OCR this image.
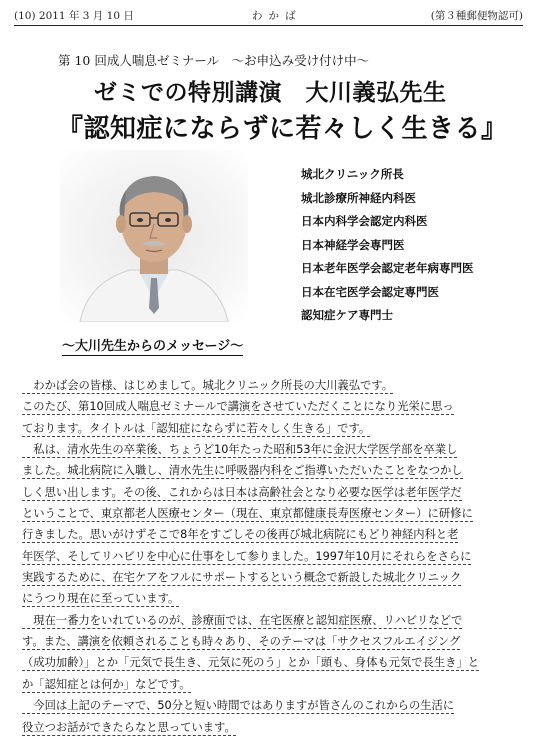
(10) 2011 年 3 月 10 日	わかば	(第３種郵便物認可)
第 10 回成人喘息ゼミナール　～お申込み受け付け中～
ゼミでの特別講演　大川義弘先生
『認知症にならずに若々しく生きる』
城北クリニック所長
城北診療所神経内科医
日本内科学会認定内科医
日本神経学会専門医
日本老年医学会認定老年病専門医
日本在宅医学会認定専門医
認知症ケア専門士
～大川先生からのメッセージ～
　わかば会の皆様、はじめまして。城北クリニック所長の大川義弘です。
このたび、第10回成人喘息ゼミナールで講演をさせていただくことになり光栄に思っ
ております。タイトルは「認知症にならずに若々しく生きる」です。
　私は、清水先生の卒業後、ちょうど10年たった昭和53年に金沢大学医学部を卒業し
ました。城北病院に入職し、清水先生に呼吸器内科をご指導いただいたことをなつかし
しく思い出します。その後、これからは日本は高齢社会となり必要な医学は老年医学だ
ということで、東京都老人医療センター（現在、東京都健康長寿医療センター）に研修に
行きました。思いがけずそこで8年をすごしその後再び城北病院にもどり神経内科と老
年医学、そしてリハビリを中心に仕事をして参りました。1997年10月にそれらをさらに
実践するために、在宅ケアをフルにサポートするという概念で新設した城北クリニック
にうつり現在に至っています。
　現在一番力をいれているのが、診療面では、在宅医療と認知症医療、リハビリなどで
す。また、講演を依頼されることも時々あり、そのテーマは「サクセスフルエイジング
（成功加齢）」とか「元気で長生き、元気に死のう」とか「頭も、身体も元気で長生き」と
か「認知症とは何か」などです。
　今回は上記のテーマで、50分と短い時間ではありますが皆さんのこれからの生活に
役立つお話ができたらなと思っています。
